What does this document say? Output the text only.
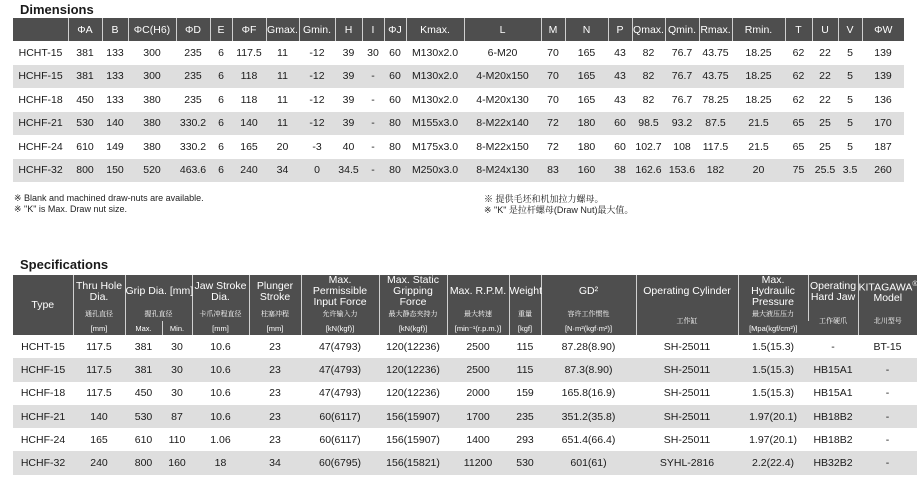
Dimensions
	ΦA	B	ΦC(H6)	ΦD	E	ΦF	Gmax.	Gmin.	H	I	ΦJ	Kmax.	L	M	N	P	Qmax.	Qmin.	Rmax.	Rmin.	T	U	V	ΦW
HCHT-15	381	133	300	235	6	117.5	11	-12	39	30	60	M130x2.0	6-M20	70	165	43	82	76.7	43.75	18.25	62	22	5	139
HCHF-15	381	133	300	235	6	118	11	-12	39	-	60	M130x2.0	4-M20x150	70	165	43	82	76.7	43.75	18.25	62	22	5	139
HCHF-18	450	133	380	235	6	118	11	-12	39	-	60	M130x2.0	4-M20x130	70	165	43	82	76.7	78.25	18.25	62	22	5	136
HCHF-21	530	140	380	330.2	6	140	11	-12	39	-	80	M155x3.0	8-M22x140	72	180	60	98.5	93.2	87.5	21.5	65	25	5	170
HCHF-24	610	149	380	330.2	6	165	20	-3	40	-	80	M175x3.0	8-M22x150	72	180	60	102.7	108	117.5	21.5	65	25	5	187
HCHF-32	800	150	520	463.6	6	240	34	0	34.5	-	80	M250x3.0	8-M24x130	83	160	38	162.6	153.6	182	20	75	25.5	3.5	260
※ Blank and machined draw-nuts are available.
※ "K" is Max. Draw nut size.
※ 提供毛坯和机加拉力螺母。
※ "K" 是拉杆螺母(Draw Nut)最大值。
Specifications
Type	Thru Hole Dia.	Grip Dia. [mm]		Jaw Stroke Dia.	Plunger Stroke	Max. Permissible Input Force	Max. Static Gripping Force	Max. R.P.M.	Weight	GD²	Operating Cylinder	Max. Hydraulic Pressure	Operating Hard Jaw	KITAGAWA®
Model
	通孔直径	握孔直径		卡爪冲程直径	柱塞冲程	允许输入力	最大静态夹持力	最大转速	重量	容许工作惯性	工作缸	最大液压压力	工作硬爪	北川型号
	[mm]	Max.	Min.	[mm]	[mm]	[kN(kgf)]	[kN(kgf)]	[min⁻¹(r.p.m.)]	[kgf]	[N·m²(kgf·m²)]		[Mpa(kgf/cm²)]		
HCHT-15	117.5	381	30	10.6	23	47(4793)	120(12236)	2500	115	87.28(8.90)	SH-25011	1.5(15.3)	-	BT-15
HCHF-15	117.5	381	30	10.6	23	47(4793)	120(12236)	2500	115	87.3(8.90)	SH-25011	1.5(15.3)	HB15A1	-
HCHF-18	117.5	450	30	10.6	23	47(4793)	120(12236)	2000	159	165.8(16.9)	SH-25011	1.5(15.3)	HB15A1	-
HCHF-21	140	530	87	10.6	23	60(6117)	156(15907)	1700	235	351.2(35.8)	SH-25011	1.97(20.1)	HB18B2	-
HCHF-24	165	610	110	1.06	23	60(6117)	156(15907)	1400	293	651.4(66.4)	SH-25011	1.97(20.1)	HB18B2	-
HCHF-32	240	800	160	18	34	60(6795)	156(15821)	11200	530	601(61)	SYHL-2816	2.2(22.4)	HB32B2	-
